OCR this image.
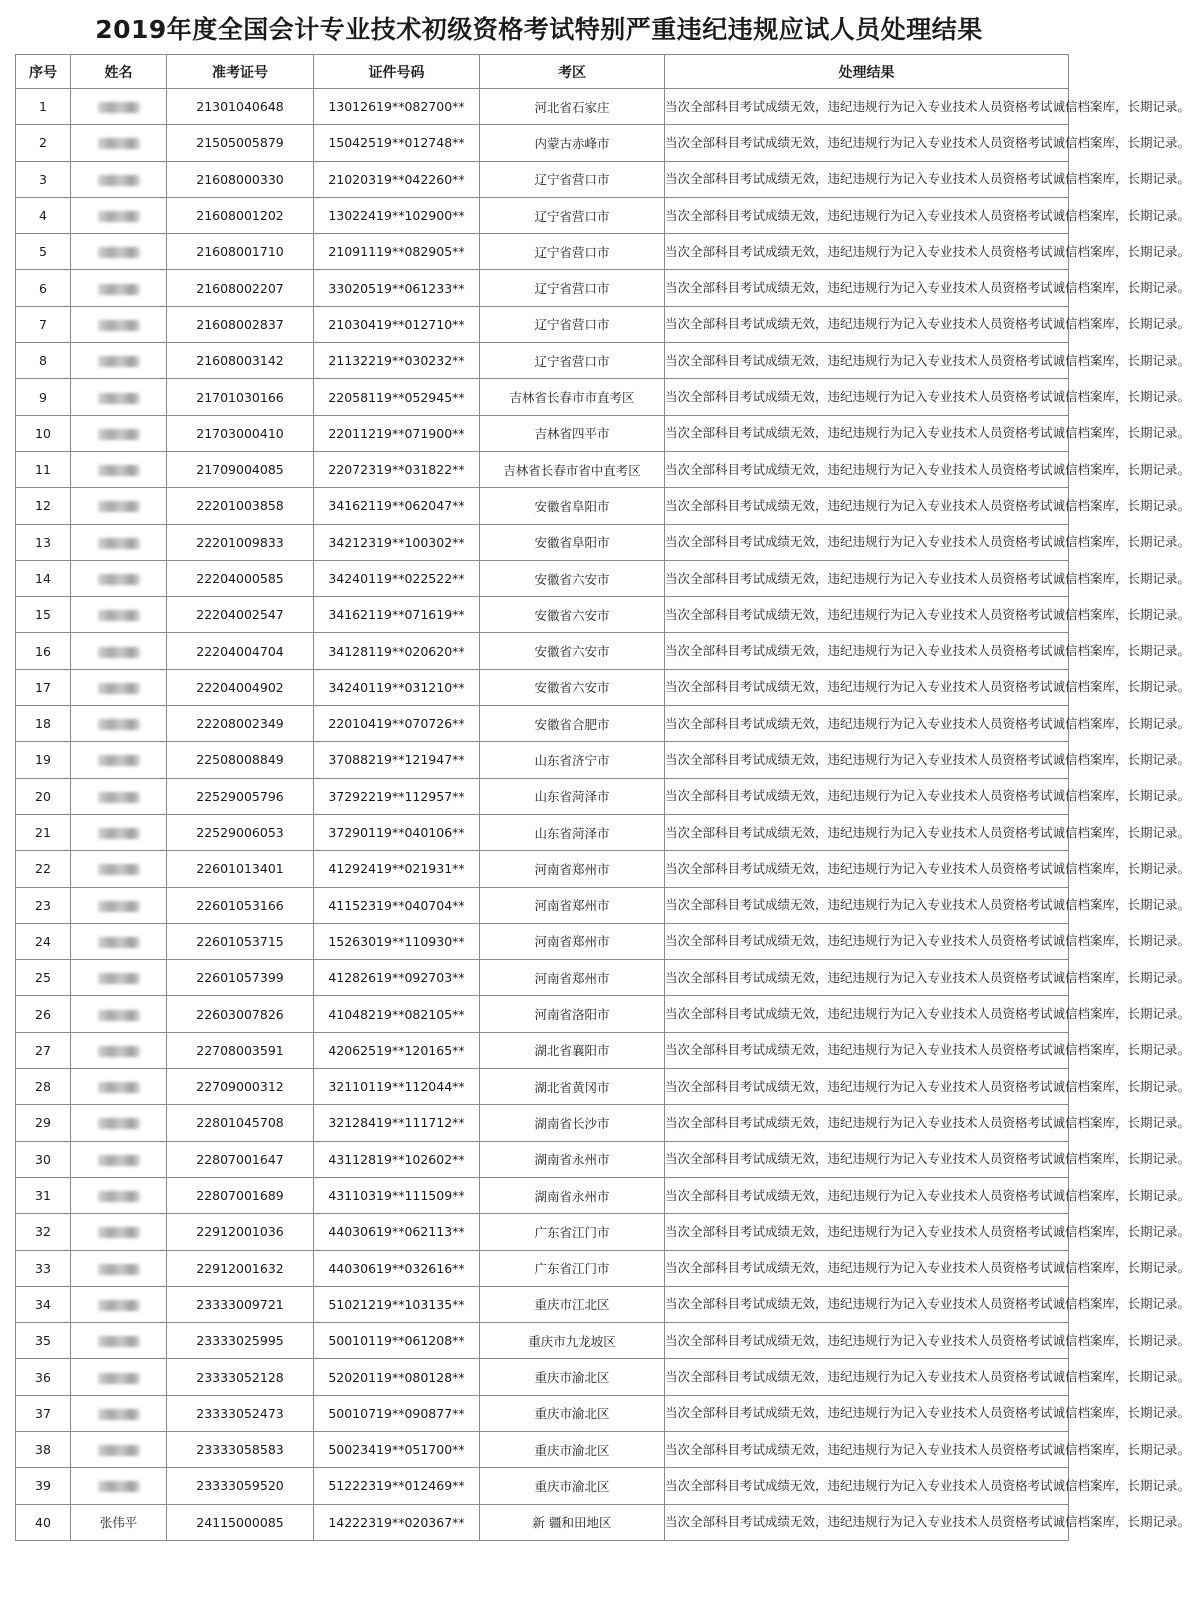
2019年度全国会计专业技术初级资格考试特别严重违纪违规应试人员处理结果
序号	姓名	准考证号	证件号码	考区	处理结果
1		21301040648	13012619**082700**	河北省石家庄	当次全部科目考试成绩无效，违纪违规行为记入专业技术人员资格考试诚信档案库，长期记录。
2		21505005879	15042519**012748**	内蒙古赤峰市	当次全部科目考试成绩无效，违纪违规行为记入专业技术人员资格考试诚信档案库，长期记录。
3		21608000330	21020319**042260**	辽宁省营口市	当次全部科目考试成绩无效，违纪违规行为记入专业技术人员资格考试诚信档案库，长期记录。
4		21608001202	13022419**102900**	辽宁省营口市	当次全部科目考试成绩无效，违纪违规行为记入专业技术人员资格考试诚信档案库，长期记录。
5		21608001710	21091119**082905**	辽宁省营口市	当次全部科目考试成绩无效，违纪违规行为记入专业技术人员资格考试诚信档案库，长期记录。
6		21608002207	33020519**061233**	辽宁省营口市	当次全部科目考试成绩无效，违纪违规行为记入专业技术人员资格考试诚信档案库，长期记录。
7		21608002837	21030419**012710**	辽宁省营口市	当次全部科目考试成绩无效，违纪违规行为记入专业技术人员资格考试诚信档案库，长期记录。
8		21608003142	21132219**030232**	辽宁省营口市	当次全部科目考试成绩无效，违纪违规行为记入专业技术人员资格考试诚信档案库，长期记录。
9		21701030166	22058119**052945**	吉林省长春市市直考区	当次全部科目考试成绩无效，违纪违规行为记入专业技术人员资格考试诚信档案库，长期记录。
10		21703000410	22011219**071900**	吉林省四平市	当次全部科目考试成绩无效，违纪违规行为记入专业技术人员资格考试诚信档案库，长期记录。
11		21709004085	22072319**031822**	吉林省长春市省中直考区	当次全部科目考试成绩无效，违纪违规行为记入专业技术人员资格考试诚信档案库，长期记录。
12		22201003858	34162119**062047**	安徽省阜阳市	当次全部科目考试成绩无效，违纪违规行为记入专业技术人员资格考试诚信档案库，长期记录。
13		22201009833	34212319**100302**	安徽省阜阳市	当次全部科目考试成绩无效，违纪违规行为记入专业技术人员资格考试诚信档案库，长期记录。
14		22204000585	34240119**022522**	安徽省六安市	当次全部科目考试成绩无效，违纪违规行为记入专业技术人员资格考试诚信档案库，长期记录。
15		22204002547	34162119**071619**	安徽省六安市	当次全部科目考试成绩无效，违纪违规行为记入专业技术人员资格考试诚信档案库，长期记录。
16		22204004704	34128119**020620**	安徽省六安市	当次全部科目考试成绩无效，违纪违规行为记入专业技术人员资格考试诚信档案库，长期记录。
17		22204004902	34240119**031210**	安徽省六安市	当次全部科目考试成绩无效，违纪违规行为记入专业技术人员资格考试诚信档案库，长期记录。
18		22208002349	22010419**070726**	安徽省合肥市	当次全部科目考试成绩无效，违纪违规行为记入专业技术人员资格考试诚信档案库，长期记录。
19		22508008849	37088219**121947**	山东省济宁市	当次全部科目考试成绩无效，违纪违规行为记入专业技术人员资格考试诚信档案库，长期记录。
20		22529005796	37292219**112957**	山东省菏泽市	当次全部科目考试成绩无效，违纪违规行为记入专业技术人员资格考试诚信档案库，长期记录。
21		22529006053	37290119**040106**	山东省菏泽市	当次全部科目考试成绩无效，违纪违规行为记入专业技术人员资格考试诚信档案库，长期记录。
22		22601013401	41292419**021931**	河南省郑州市	当次全部科目考试成绩无效，违纪违规行为记入专业技术人员资格考试诚信档案库，长期记录。
23		22601053166	41152319**040704**	河南省郑州市	当次全部科目考试成绩无效，违纪违规行为记入专业技术人员资格考试诚信档案库，长期记录。
24		22601053715	15263019**110930**	河南省郑州市	当次全部科目考试成绩无效，违纪违规行为记入专业技术人员资格考试诚信档案库，长期记录。
25		22601057399	41282619**092703**	河南省郑州市	当次全部科目考试成绩无效，违纪违规行为记入专业技术人员资格考试诚信档案库，长期记录。
26		22603007826	41048219**082105**	河南省洛阳市	当次全部科目考试成绩无效，违纪违规行为记入专业技术人员资格考试诚信档案库，长期记录。
27		22708003591	42062519**120165**	湖北省襄阳市	当次全部科目考试成绩无效，违纪违规行为记入专业技术人员资格考试诚信档案库，长期记录。
28		22709000312	32110119**112044**	湖北省黄冈市	当次全部科目考试成绩无效，违纪违规行为记入专业技术人员资格考试诚信档案库，长期记录。
29		22801045708	32128419**111712**	湖南省长沙市	当次全部科目考试成绩无效，违纪违规行为记入专业技术人员资格考试诚信档案库，长期记录。
30		22807001647	43112819**102602**	湖南省永州市	当次全部科目考试成绩无效，违纪违规行为记入专业技术人员资格考试诚信档案库，长期记录。
31		22807001689	43110319**111509**	湖南省永州市	当次全部科目考试成绩无效，违纪违规行为记入专业技术人员资格考试诚信档案库，长期记录。
32		22912001036	44030619**062113**	广东省江门市	当次全部科目考试成绩无效，违纪违规行为记入专业技术人员资格考试诚信档案库，长期记录。
33		22912001632	44030619**032616**	广东省江门市	当次全部科目考试成绩无效，违纪违规行为记入专业技术人员资格考试诚信档案库，长期记录。
34		23333009721	51021219**103135**	重庆市江北区	当次全部科目考试成绩无效，违纪违规行为记入专业技术人员资格考试诚信档案库，长期记录。
35		23333025995	50010119**061208**	重庆市九龙坡区	当次全部科目考试成绩无效，违纪违规行为记入专业技术人员资格考试诚信档案库，长期记录。
36		23333052128	52020119**080128**	重庆市渝北区	当次全部科目考试成绩无效，违纪违规行为记入专业技术人员资格考试诚信档案库，长期记录。
37		23333052473	50010719**090877**	重庆市渝北区	当次全部科目考试成绩无效，违纪违规行为记入专业技术人员资格考试诚信档案库，长期记录。
38		23333058583	50023419**051700**	重庆市渝北区	当次全部科目考试成绩无效，违纪违规行为记入专业技术人员资格考试诚信档案库，长期记录。
39		23333059520	51222319**012469**	重庆市渝北区	当次全部科目考试成绩无效，违纪违规行为记入专业技术人员资格考试诚信档案库，长期记录。
40	张伟平	24115000085	14222319**020367**	新 疆和田地区	当次全部科目考试成绩无效，违纪违规行为记入专业技术人员资格考试诚信档案库，长期记录。
